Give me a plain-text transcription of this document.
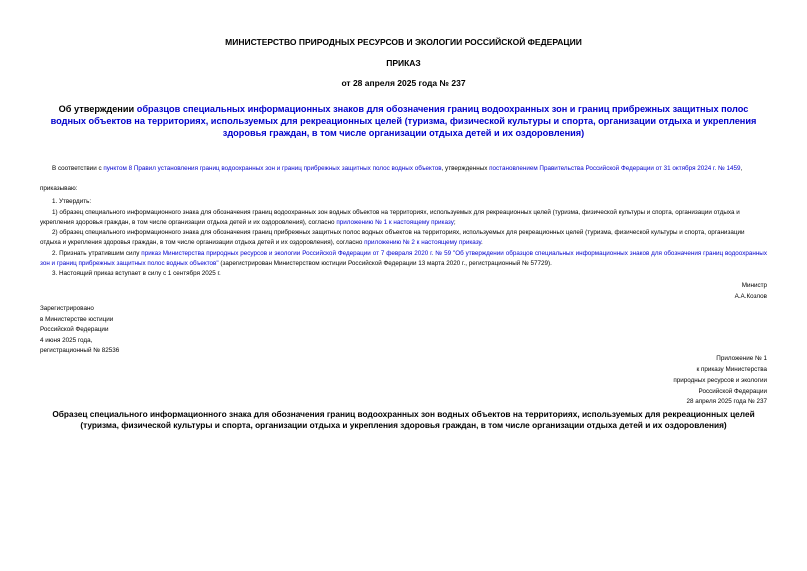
МИНИСТЕРСТВО ПРИРОДНЫХ РЕСУРСОВ И ЭКОЛОГИИ РОССИЙСКОЙ ФЕДЕРАЦИИ
ПРИКАЗ
от 28 апреля 2025 года № 237
Об утверждении образцов специальных информационных знаков для обозначения границ водоохранных зон и границ прибрежных защитных полос водных объектов на территориях, используемых для рекреационных целей (туризма, физической культуры и спорта, организации отдыха и укрепления здоровья граждан, в том числе организации отдыха детей и их оздоровления)
В соответствии с пунктом 8 Правил установления границ водоохранных зон и границ прибрежных защитных полос водных объектов, утвержденных постановлением Правительства Российской Федерации от 31 октября 2024 г. № 1459,
приказываю:
1. Утвердить:
1) образец специального информационного знака для обозначения границ водоохранных зон водных объектов на территориях, используемых для рекреационных целей (туризма, физической культуры и спорта, организации отдыха и укрепления здоровья граждан, в том числе организации отдыха детей и их оздоровления), согласно приложению № 1 к настоящему приказу;
2) образец специального информационного знака для обозначения границ прибрежных защитных полос водных объектов на территориях, используемых для рекреационных целей (туризма, физической культуры и спорта, организации отдыха и укрепления здоровья граждан, в том числе организации отдыха детей и их оздоровления), согласно приложению № 2 к настоящему приказу.
2. Признать утратившим силу приказ Министерства природных ресурсов и экологии Российской Федерации от 7 февраля 2020 г. № 59 "Об утверждении образцов специальных информационных знаков для обозначения границ водоохранных зон и границ прибрежных защитных полос водных объектов" (зарегистрирован Министерством юстиции Российской Федерации 13 марта 2020 г., регистрационный № 57729).
3. Настоящий приказ вступает в силу с 1 сентября 2025 г.
Министр
А.А.Козлов
Зарегистрировано
в Министерстве юстиции
Российской Федерации
4 июня 2025 года,
регистрационный № 82536
Приложение № 1
к приказу Министерства
природных ресурсов и экологии
Российской Федерации
28 апреля 2025 года № 237
Образец специального информационного знака для обозначения границ водоохранных зон водных объектов на территориях, используемых для рекреационных целей (туризма, физической культуры и спорта, организации отдыха и укрепления здоровья граждан, в том числе организации отдыха детей и их оздоровления)
